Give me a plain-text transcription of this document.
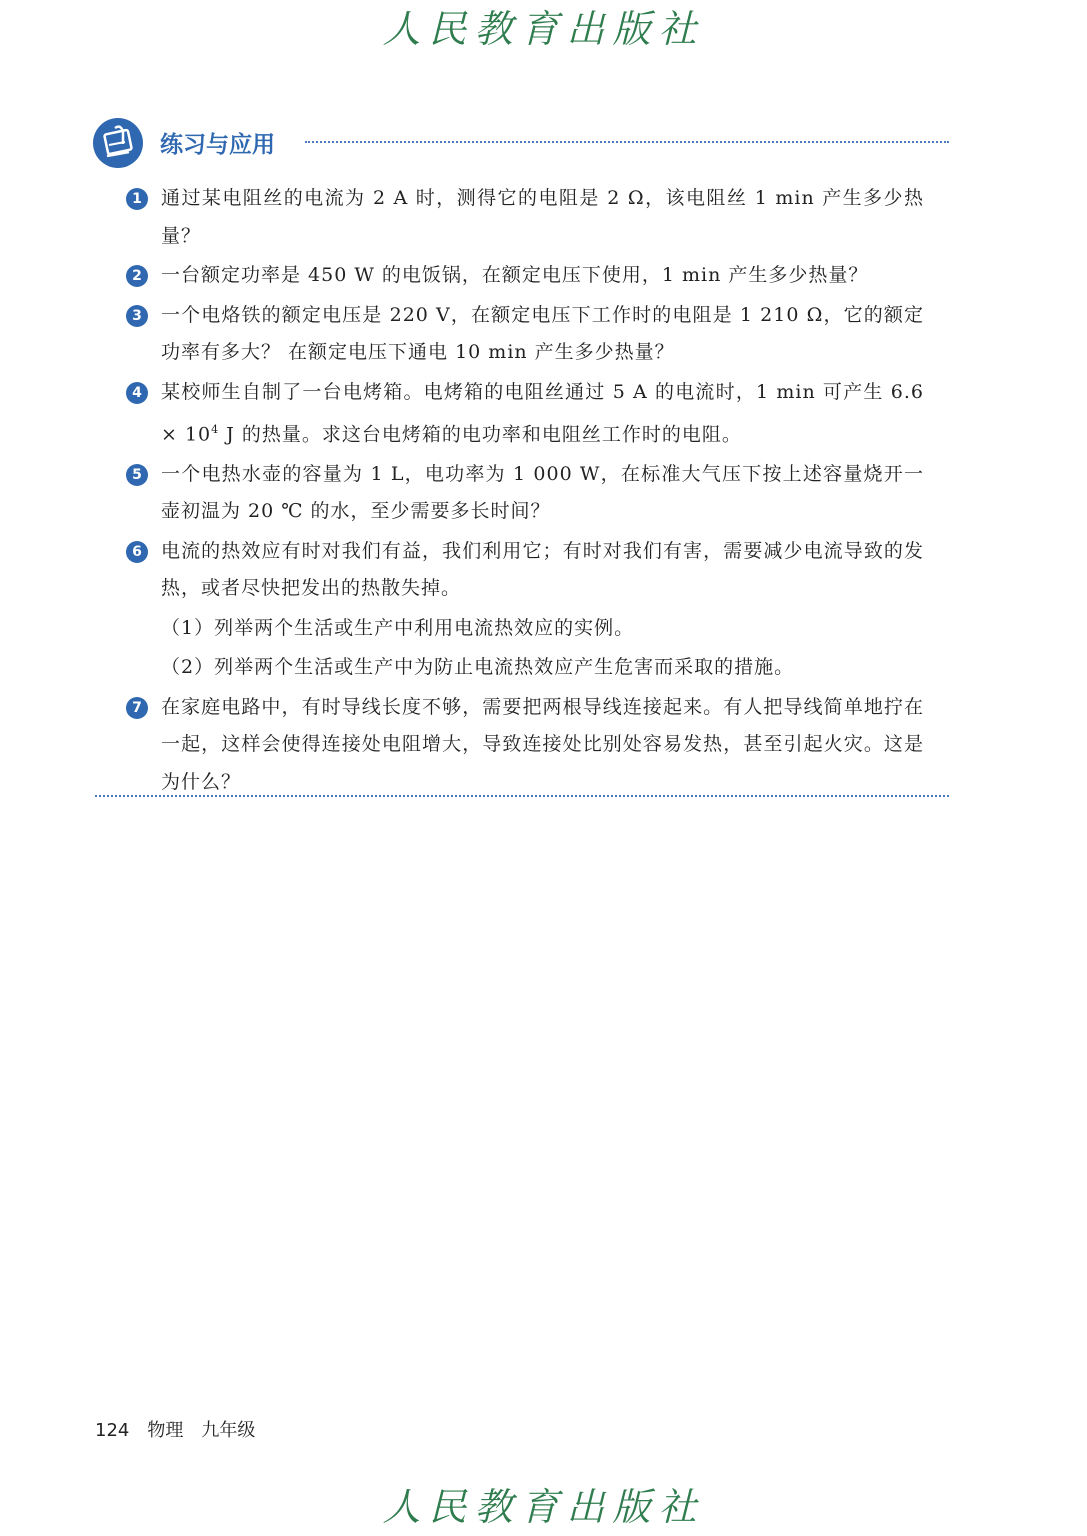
人民教育出版社
练习与应用
1	通过某电阻丝的电流为 2 A 时，测得它的电阻是 2 Ω，该电阻丝 1 min 产生多少热量？
2	一台额定功率是 450 W 的电饭锅，在额定电压下使用，1 min 产生多少热量？
3	一个电烙铁的额定电压是 220 V，在额定电压下工作时的电阻是 1 210 Ω，它的额定功率有多大？ 在额定电压下通电 10 min 产生多少热量？
4	某校师生自制了一台电烤箱。电烤箱的电阻丝通过 5 A 的电流时，1 min 可产生 $6.6 \times 10^4$ J 的热量。求这台电烤箱的电功率和电阻丝工作时的电阻。
5	一个电热水壶的容量为 1 L，电功率为 1 000 W，在标准大气压下按上述容量烧开一壶初温为 20 ℃ 的水，至少需要多长时间？
6	电流的热效应有时对我们有益，我们利用它；有时对我们有害，需要减少电流导致的发热，或者尽快把发出的热散失掉。
（1）列举两个生活或生产中利用电流热效应的实例。
（2）列举两个生活或生产中为防止电流热效应产生危害而采取的措施。
7	在家庭电路中，有时导线长度不够，需要把两根导线连接起来。有人把导线简单地拧在一起，这样会使得连接处电阻增大，导致连接处比别处容易发热，甚至引起火灾。这是为什么？
124 物理 九年级
人民教育出版社
